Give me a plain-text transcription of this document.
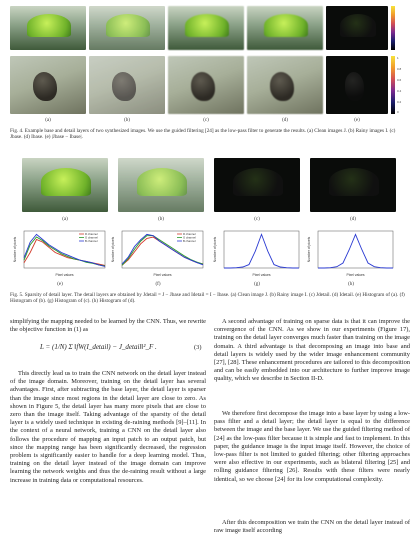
1
0.8
0.6
0.4
0.2
0
(a)	(b)	(c)	(d)	(e)
Fig. 4. Example base and detail layers of two synthesized images. We use the guided filtering [24] as the low-pass filter to generate the results. (a) Clean images J. (b) Rainy images I. (c) Jbase. (d) Ibase. (e) |Jbase − Ibase|.
(a)	(b)	(c)	(d)
R channel
G channel
B channel
Pixel values
Number of pixels
R channel
G channel
B channel
Pixel values
Number of pixels
Pixel values
Number of pixels
Pixel values
Number of pixels
(e)	(f)	(g)	(h)
Fig. 5. Sparsity of detail layer. The detail layers are obtained by Jdetail = J − Jbase and Idetail = I − Ibase. (a) Clean image J. (b) Rainy image I. (c) Jdetail. (d) Idetail. (e) Histogram of (a). (f) Histogram of (b). (g) Histogram of (c). (h) Histogram of (d).
simplifying the mapping needed to be learned by the CNN. Thus, we rewrite the objective function in (1) as
L = (1/N) Σ ‖fW(I_detail) − J_detail‖²_F .	(3)
This directly lead us to train the CNN network on the detail layer instead of the image domain. Moreover, training on the detail layer has several advantages. First, after subtracting the base layer, the detail layer is sparser than the image since most regions in the detail layer are close to zero. As shown in Figure 5, the detail layer has many more pixels that are close to zero than the image itself. Taking advantage of the sparsity of the detail layer is a widely used technique in existing de-raining methods [9]–[11]. In the context of a neural network, training a CNN on the detail layer also follows the procedure of mapping an input patch to an output patch, but since the mapping range has been significantly decreased, the regression problem is significantly easier to handle for a deep learning model. Thus, training on the detail layer instead of the image domain can improve learning the network weights and thus the de-raining result without a large increase in training data or computational resources.
A second advantage of training on sparse data is that it can improve the convergence of the CNN. As we show in our experiments (Figure 17), training on the detail layer converges much faster than training on the image domain. A third advantage is that decomposing an image into base and detail layers is widely used by the wider image enhancement community [27], [28]. These enhancement procedures are tailored to this decomposition and can be easily embedded into our architecture to further improve image quality, which we describe in Section II-D.
We therefore first decompose the image into a base layer by using a low-pass filter and a detail layer; the detail layer is equal to the difference between the image and the base layer. We use the guided filtering method of [24] as the low-pass filter because it is simple and fast to implement. In this paper, the guidance image is the input image itself. However, the choice of low-pass filter is not limited to guided filtering; other filtering approaches were also effective in our experiments, such as bilateral filtering [25] and rolling guidance filtering [26]. Results with these filters were nearly identical, so we choose [24] for its low computational complexity.
After this decomposition we train the CNN on the detail layer instead of raw image itself according
